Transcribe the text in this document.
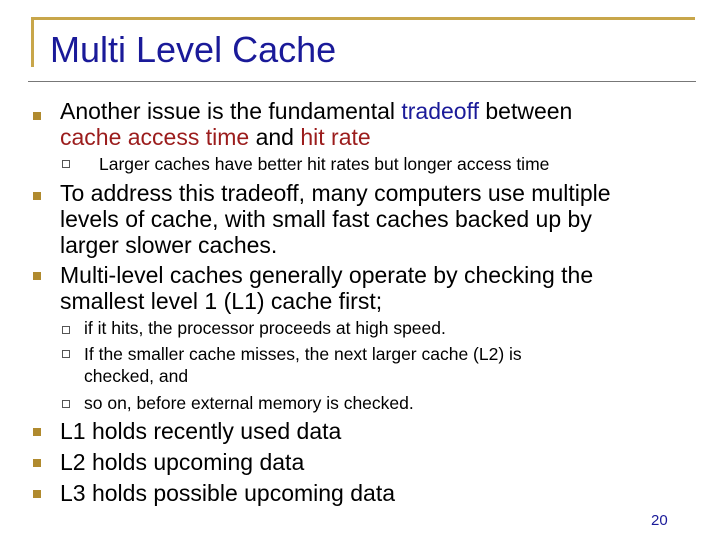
Multi Level Cache
Another issue is the fundamental tradeoff between
cache access time and hit rate
Larger caches have better hit rates but longer access time
To address this tradeoff, many computers use multiple
levels of cache, with small fast caches backed up by
larger slower caches.
Multi-level caches generally operate by checking the
smallest level 1 (L1) cache first;
if it hits, the processor proceeds at high speed.
If the smaller cache misses, the next larger cache (L2) is
checked, and
so on, before external memory is checked.
L1 holds recently used data
L2 holds upcoming data
L3 holds possible upcoming data
20
